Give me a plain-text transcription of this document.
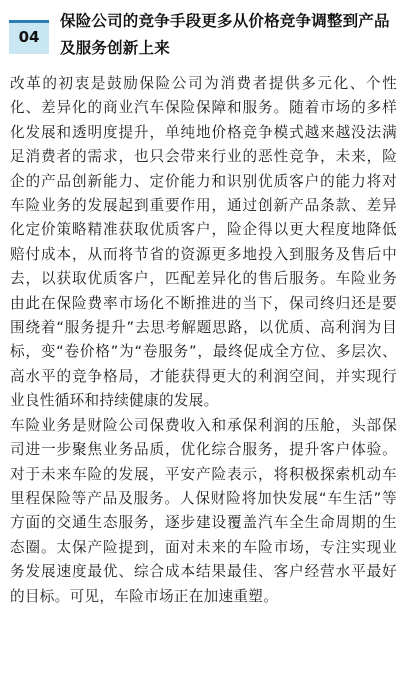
04
保险公司的竞争手段更多从价格竞争调整到产品及服务创新上来

改革的初衷是鼓励保险公司为消费者提供多元化、个性化、差异化的商业汽车保险保障和服务。随着市场的多样化发展和透明度提升，单纯地价格竞争模式越来越没法满足消费者的需求，也只会带来行业的恶性竞争，未来，险企的产品创新能力、定价能力和识别优质客户的能力将对车险业务的发展起到重要作用，通过创新产品条款、差异化定价策略精准获取优质客户，险企得以更大程度地降低赔付成本，从而将节省的资源更多地投入到服务及售后中去，以获取优质客户，匹配差异化的售后服务。车险业务由此在保险费率市场化不断推进的当下，保司终归还是要围绕着“服务提升”去思考解题思路，以优质、高利润为目标，变“卷价格”为“卷服务”，最终促成全方位、多层次、高水平的竞争格局，才能获得更大的利润空间，并实现行业良性循环和持续健康的发展。

车险业务是财险公司保费收入和承保利润的压舱，头部保司进一步聚焦业务品质，优化综合服务，提升客户体验。对于未来车险的发展，平安产险表示，将积极探索机动车里程保险等产品及服务。人保财险将加快发展“车生活”等方面的交通生态服务，逐步建设覆盖汽车全生命周期的生态圈。太保产险提到，面对未来的车险市场，专注实现业务发展速度最优、综合成本结果最佳、客户经营水平最好的目标。可见，车险市场正在加速重塑。
